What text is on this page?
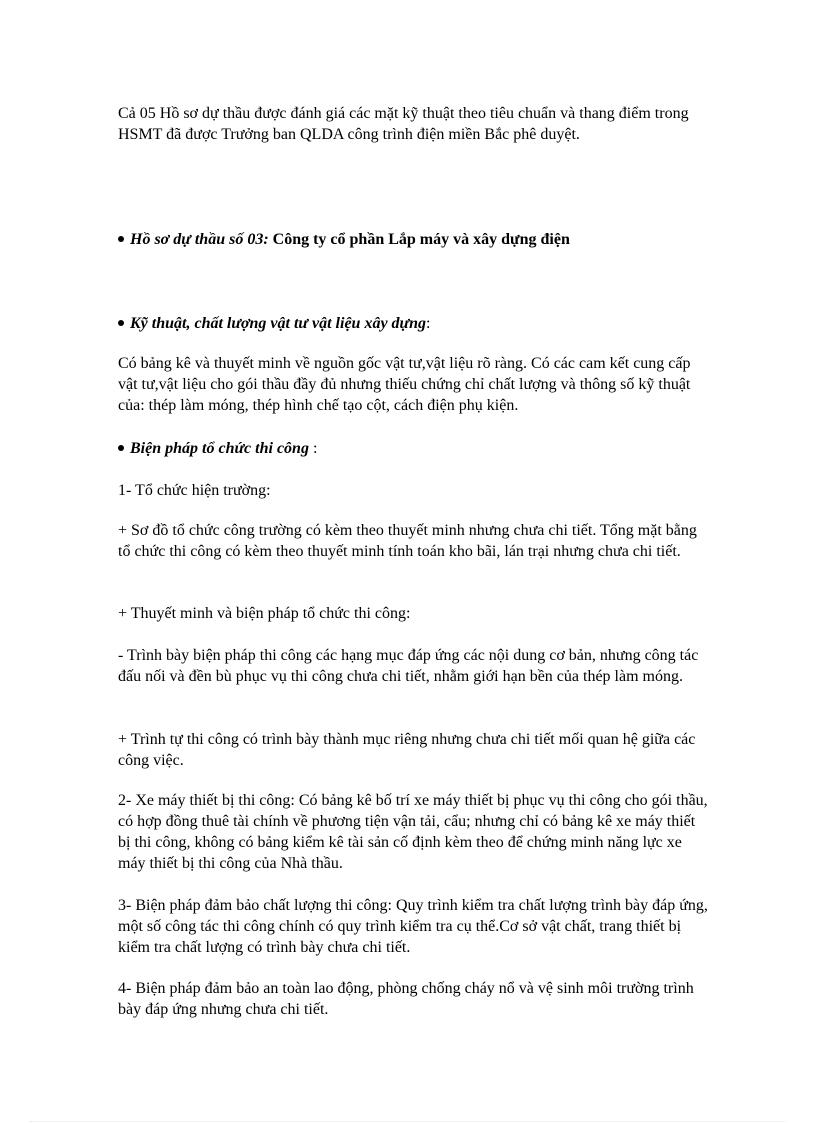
Cả 05 Hồ sơ dự thầu được đánh giá các mặt kỹ thuật theo tiêu chuẩn và thang điểm trong HSMT đã được Trưởng ban QLDA công trình điện miền Bắc phê duyệt.

Hồ sơ dự thầu số 03: Công ty cổ phần Lắp máy và xây dựng điện

Kỹ thuật, chất lượng vật tư vật liệu xây dựng:

Có bảng kê và thuyết minh về nguồn gốc vật tư,vật liệu rõ ràng. Có các cam kết cung cấp vật tư,vật liệu cho gói thầu đầy đủ nhưng thiếu chứng chỉ chất lượng và thông số kỹ thuật của: thép làm móng, thép hình chế tạo cột, cách điện phụ kiện.

Biện pháp tổ chức thi công :

1- Tổ chức hiện trường:

+ Sơ đồ tổ chức công trường có kèm theo thuyết minh nhưng chưa chi tiết. Tổng mặt bằng tổ chức thi công có kèm theo thuyết minh tính toán kho bãi, lán trại nhưng chưa chi tiết.

+ Thuyết minh và biện pháp tổ chức thi công:

- Trình bày biện pháp thi công các hạng mục đáp ứng các nội dung cơ bản, nhưng công tác đấu nối và đền bù phục vụ thi công chưa chi tiết, nhằm giới hạn bền của thép làm móng.

+ Trình tự thi công có trình bày thành mục riêng nhưng chưa chi tiết mối quan hệ giữa các công việc.

2- Xe máy thiết bị thi công: Có bảng kê bố trí xe máy thiết bị phục vụ thi công cho gói thầu, có hợp đồng thuê tài chính về phương tiện vận tải, cẩu; nhưng chỉ có bảng kê xe máy thiết bị thi công, không có bảng kiểm kê tài sản cố định kèm theo để chứng minh năng lực xe máy thiết bị thi công của Nhà thầu.

3- Biện pháp đảm bảo chất lượng thi công: Quy trình kiểm tra chất lượng trình bày đáp ứng, một số công tác thi công chính có quy trình kiểm tra cụ thể.Cơ sở vật chất, trang thiết bị kiểm tra chất lượng có trình bày chưa chi tiết.

4- Biện pháp đảm bảo an toàn lao động, phòng chống cháy nổ và vệ sinh môi trường trình bày đáp ứng nhưng chưa chi tiết.
